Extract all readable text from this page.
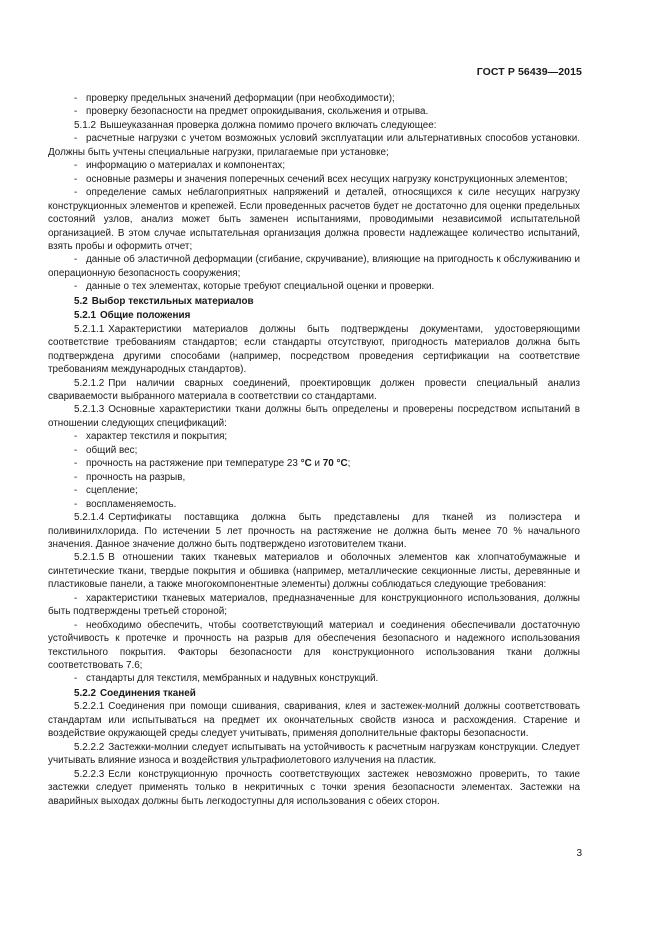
ГОСТ Р 56439—2015

- проверку предельных значений деформации (при необходимости);

- проверку безопасности на предмет опрокидывания, скольжения и отрыва.

5.1.2 Вышеуказанная проверка должна помимо прочего включать следующее:

- расчетные нагрузки с учетом возможных условий эксплуатации или альтернативных способов установки. Должны быть учтены специальные нагрузки, прилагаемые при установке;

- информацию о материалах и компонентах;

- основные размеры и значения поперечных сечений всех несущих нагрузку конструкционных элементов;

- определение самых неблагоприятных напряжений и деталей, относящихся к силе несущих нагрузку конструкционных элементов и крепежей. Если проведенных расчетов будет не достаточно для оценки предельных состояний узлов, анализ может быть заменен испытаниями, проводимыми независимой испытательной организацией. В этом случае испытательная организация должна провести надлежащее количество испытаний, взять пробы и оформить отчет;

- данные об эластичной деформации (сгибание, скручивание), влияющие на пригодность к обслуживанию и операционную безопасность сооружения;

- данные о тех элементах, которые требуют специальной оценки и проверки.

5.2 Выбор текстильных материалов

5.2.1 Общие положения

5.2.1.1 Характеристики материалов должны быть подтверждены документами, удостоверяющими соответствие требованиям стандартов; если стандарты отсутствуют, пригодность материалов должна быть подтверждена другими способами (например, посредством проведения сертификации на соответствие требованиям международных стандартов).

5.2.1.2 При наличии сварных соединений, проектировщик должен провести специальный анализ свариваемости выбранного материала в соответствии со стандартами.

5.2.1.3 Основные характеристики ткани должны быть определены и проверены посредством испытаний в отношении следующих спецификаций:

- характер текстиля и покрытия;

- общий вес;

- прочность на растяжение при температуре 23 °C и 70 °C;

- прочность на разрыв,

- сцепление;

- воспламеняемость.

5.2.1.4 Сертификаты поставщика должна быть представлены для тканей из полиэстера и поливинилхлорида. По истечении 5 лет прочность на растяжение не должна быть менее 70 % начального значения. Данное значение должно быть подтверждено изготовителем ткани.

5.2.1.5 В отношении таких тканевых материалов и оболочных элементов как хлопчатобумажные и синтетические ткани, твердые покрытия и обшивка (например, металлические секционные листы, деревянные и пластиковые панели, а также многокомпонентные элементы) должны соблюдаться следующие требования:

- характеристики тканевых материалов, предназначенные для конструкционного использования, должны быть подтверждены третьей стороной;

- необходимо обеспечить, чтобы соответствующий материал и соединения обеспечивали достаточную устойчивость к протечке и прочность на разрыв для обеспечения безопасного и надежного использования текстильного покрытия. Факторы безопасности для конструкционного использования ткани должны соответствовать 7.6;

- стандарты для текстиля, мембранных и надувных конструкций.

5.2.2 Соединения тканей

5.2.2.1 Соединения при помощи сшивания, сваривания, клея и застежек-молний должны соответствовать стандартам или испытываться на предмет их окончательных свойств износа и расхождения. Старение и воздействие окружающей среды следует учитывать, применяя дополнительные факторы безопасности.

5.2.2.2 Застежки-молнии следует испытывать на устойчивость к расчетным нагрузкам конструкции. Следует учитывать влияние износа и воздействия ультрафиолетового излучения на пластик.

5.2.2.3 Если конструкционную прочность соответствующих застежек невозможно проверить, то такие застежки следует применять только в некритичных с точки зрения безопасности элементах. Застежки на аварийных выходах должны быть легкодоступны для использования с обеих сторон.

3
